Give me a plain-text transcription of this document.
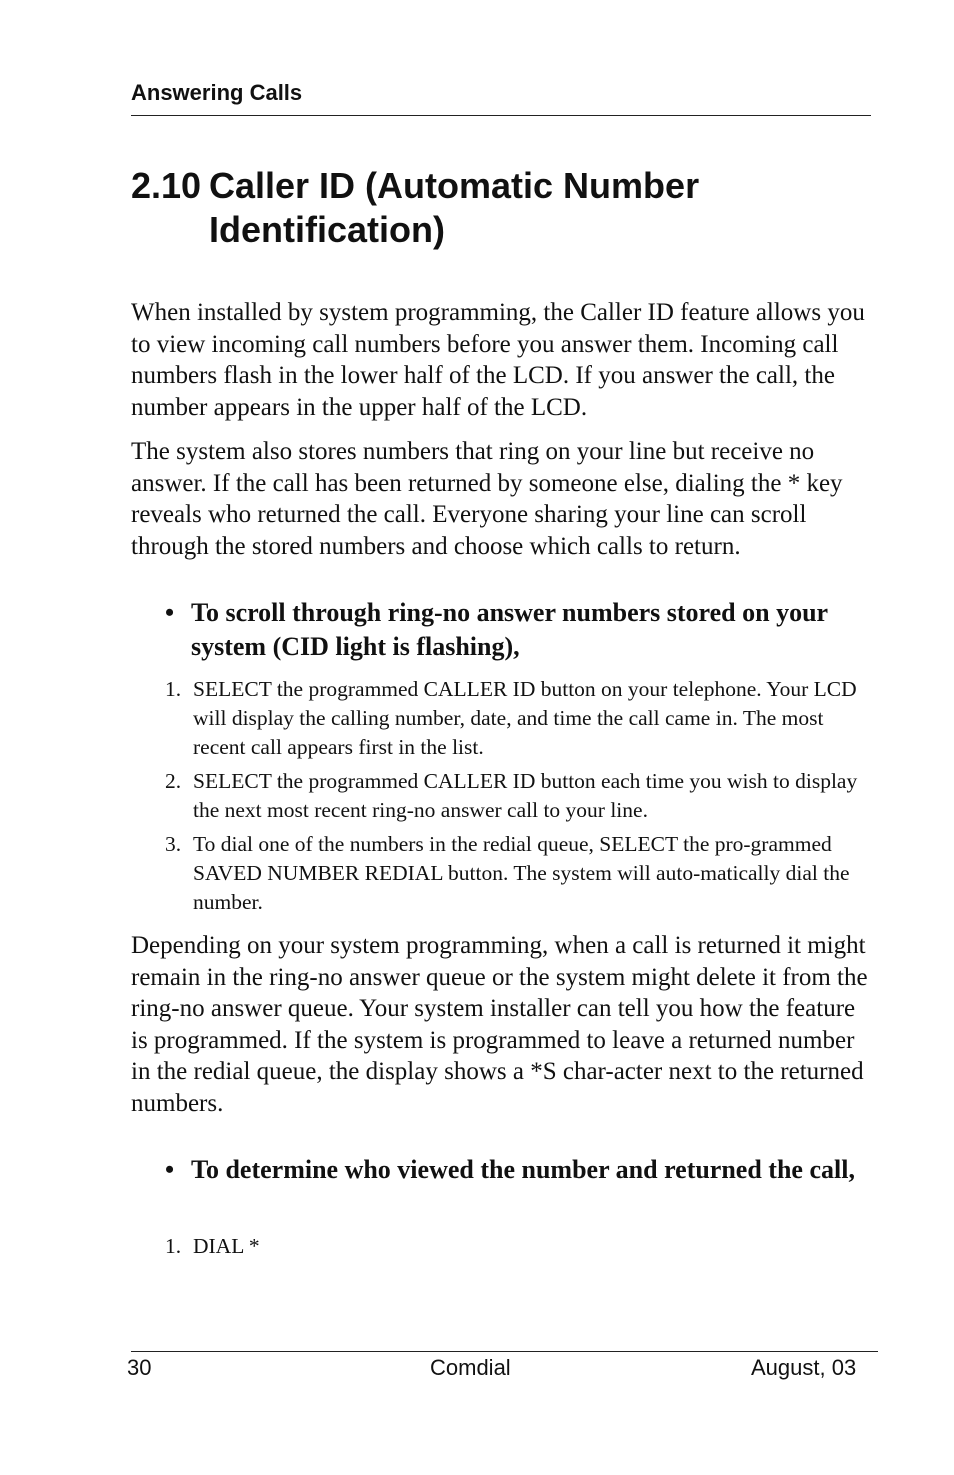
Answering Calls
2.10 Caller ID (Automatic Number
Identification)

When installed by system programming, the Caller ID feature allows you to view incoming call numbers before you answer them. Incoming call numbers flash in the lower half of the LCD. If you answer the call, the number appears in the upper half of the LCD.

The system also stores numbers that ring on your line but receive no answer. If the call has been returned by someone else, dialing the * key reveals who returned the call. Everyone sharing your line can scroll through the stored numbers and choose which calls to return.

• To scroll through ring-no answer numbers stored on your system (CID light is flashing),
1. SELECT the programmed CALLER ID button on your telephone. Your LCD will display the calling number, date, and time the call came in. The most recent call appears first in the list.
2. SELECT the programmed CALLER ID button each time you wish to display the next most recent ring-no answer call to your line.
3. To dial one of the numbers in the redial queue, SELECT the pro-grammed SAVED NUMBER REDIAL button. The system will auto-matically dial the number.

Depending on your system programming, when a call is returned it might remain in the ring-no answer queue or the system might delete it from the ring-no answer queue. Your system installer can tell you how the feature is programmed. If the system is programmed to leave a returned number in the redial queue, the display shows a *S char-acter next to the returned numbers.

• To determine who viewed the number and returned the call,
1. DIAL *
30	Comdial	August, 03
